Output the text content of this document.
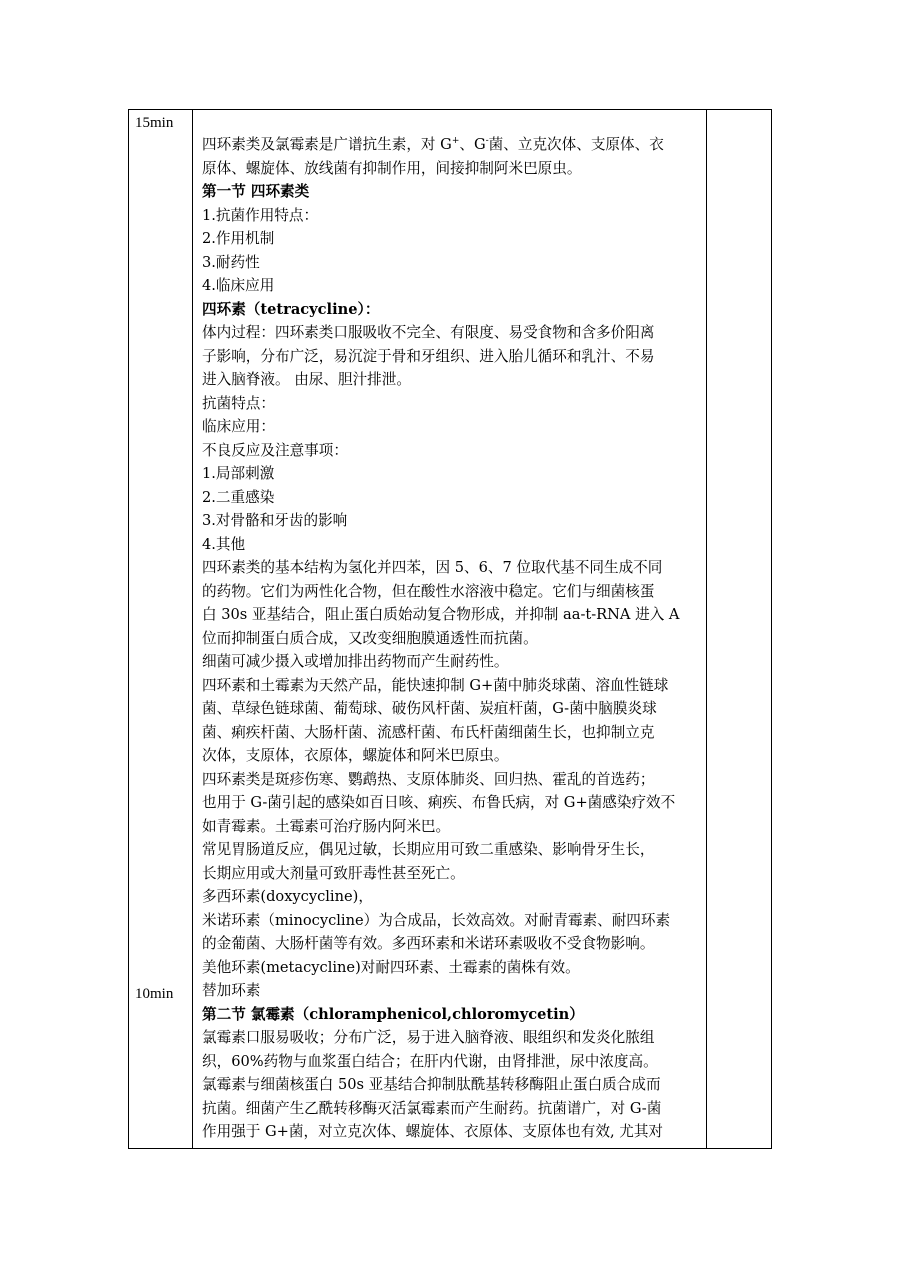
15min
10min
四环素类及氯霉素是广谱抗生素，对 G+、G-菌、立克次体、支原体、衣
原体、螺旋体、放线菌有抑制作用，间接抑制阿米巴原虫。
第一节 四环素类
1.抗菌作用特点：
2.作用机制
3.耐药性
4.临床应用
四环素（tetracycline）：
体内过程：四环素类口服吸收不完全、有限度、易受食物和含多价阳离
子影响，分布广泛，易沉淀于骨和牙组织、进入胎儿循环和乳汁、不易
进入脑脊液。 由尿、胆汁排泄。
抗菌特点：
临床应用：
不良反应及注意事项：
1.局部刺激
2.二重感染
3.对骨骼和牙齿的影响
4.其他
四环素类的基本结构为氢化并四苯，因 5、6、7 位取代基不同生成不同
的药物。它们为两性化合物，但在酸性水溶液中稳定。它们与细菌核蛋
白 30s 亚基结合，阻止蛋白质始动复合物形成，并抑制 aa-t-RNA 进入 A
位而抑制蛋白质合成，又改变细胞膜通透性而抗菌。
细菌可减少摄入或增加排出药物而产生耐药性。
四环素和土霉素为天然产品，能快速抑制 G+菌中肺炎球菌、溶血性链球
菌、草绿色链球菌、葡萄球、破伤风杆菌、炭疽杆菌，G-菌中脑膜炎球
菌、痢疾杆菌、大肠杆菌、流感杆菌、布氏杆菌细菌生长，也抑制立克
次体，支原体，衣原体，螺旋体和阿米巴原虫。
四环素类是斑疹伤寒、鹦鹉热、支原体肺炎、回归热、霍乱的首选药；
也用于 G-菌引起的感染如百日咳、痢疾、布鲁氏病，对 G+菌感染疗效不
如青霉素。土霉素可治疗肠内阿米巴。
常见胃肠道反应，偶见过敏，长期应用可致二重感染、影响骨牙生长，
长期应用或大剂量可致肝毒性甚至死亡。
多西环素(doxycycline)，
米诺环素（minocycline）为合成品，长效高效。对耐青霉素、耐四环素
的金葡菌、大肠杆菌等有效。多西环素和米诺环素吸收不受食物影响。
美他环素(metacycline)对耐四环素、土霉素的菌株有效。
替加环素
第二节 氯霉素（chloramphenicol,chloromycetin）
氯霉素口服易吸收；分布广泛，易于进入脑脊液、眼组织和发炎化脓组
织，60%药物与血浆蛋白结合；在肝内代谢，由肾排泄，尿中浓度高。
氯霉素与细菌核蛋白 50s 亚基结合抑制肽酰基转移酶阻止蛋白质合成而
抗菌。细菌产生乙酰转移酶灭活氯霉素而产生耐药。抗菌谱广，对 G-菌
作用强于 G+菌，对立克次体、螺旋体、衣原体、支原体也有效, 尤其对
